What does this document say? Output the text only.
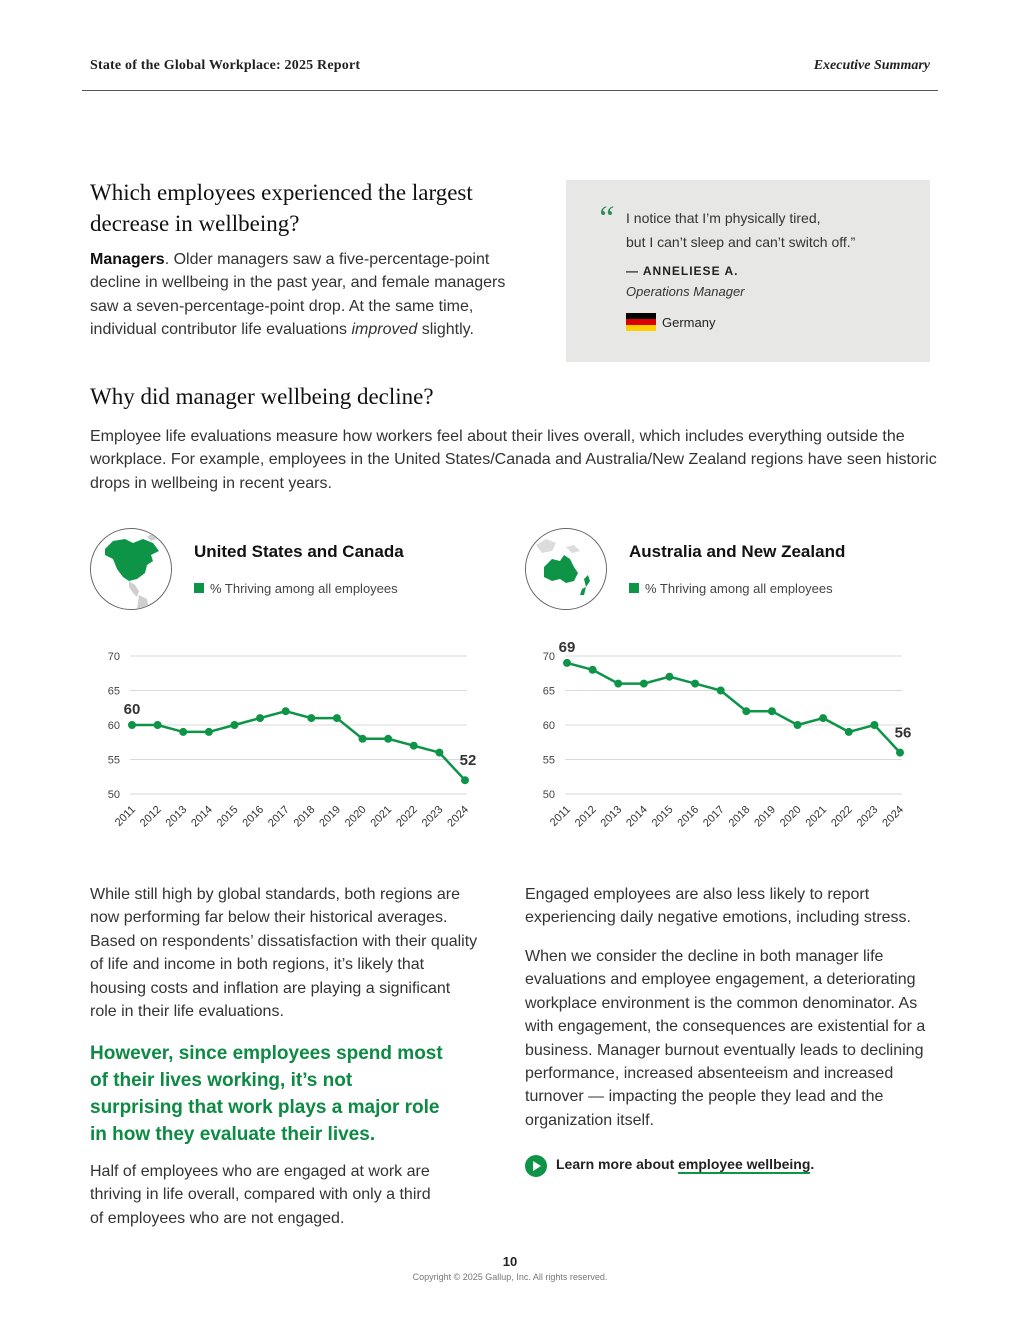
State of the Global Workplace: 2025 Report	Executive Summary
Which employees experienced the largest decrease in wellbeing?
Managers. Older managers saw a five-percentage-point decline in wellbeing in the past year, and female managers saw a seven-percentage-point drop. At the same time, individual contributor life evaluations improved slightly.
“ I notice that I’m physically tired,
but I can’t sleep and can’t switch off.”
— ANNELIESE A.
Operations Manager
Germany
Why did manager wellbeing decline?
Employee life evaluations measure how workers feel about their lives overall, which includes everything outside the workplace. For example, employees in the United States/Canada and Australia/New Zealand regions have seen historic drops in wellbeing in recent years.
United States and Canada
% Thriving among all employees
Australia and New Zealand
% Thriving among all employees
50
55
60
65
70
2011 2012 2013 2014 2015 2016 2017 2018 2019 2020 2021 2022 2023 2024
60
52
50
55
60
65
70
2011 2012 2013 2014 2015 2016 2017 2018 2019 2020 2021 2022 2023 2024
69
56
While still high by global standards, both regions are now performing far below their historical averages. Based on respondents’ dissatisfaction with their quality of life and income in both regions, it’s likely that housing costs and inflation are playing a significant role in their life evaluations.
However, since employees spend most of their lives working, it’s not surprising that work plays a major role in how they evaluate their lives.
Half of employees who are engaged at work are thriving in life overall, compared with only a third of employees who are not engaged.
Engaged employees are also less likely to report experiencing daily negative emotions, including stress.
When we consider the decline in both manager life evaluations and employee engagement, a deteriorating workplace environment is the common denominator. As with engagement, the consequences are existential for a business. Manager burnout eventually leads to declining performance, increased absenteeism and increased turnover — impacting the people they lead and the organization itself.
Learn more about employee wellbeing.
10
Copyright © 2025 Gallup, Inc. All rights reserved.
